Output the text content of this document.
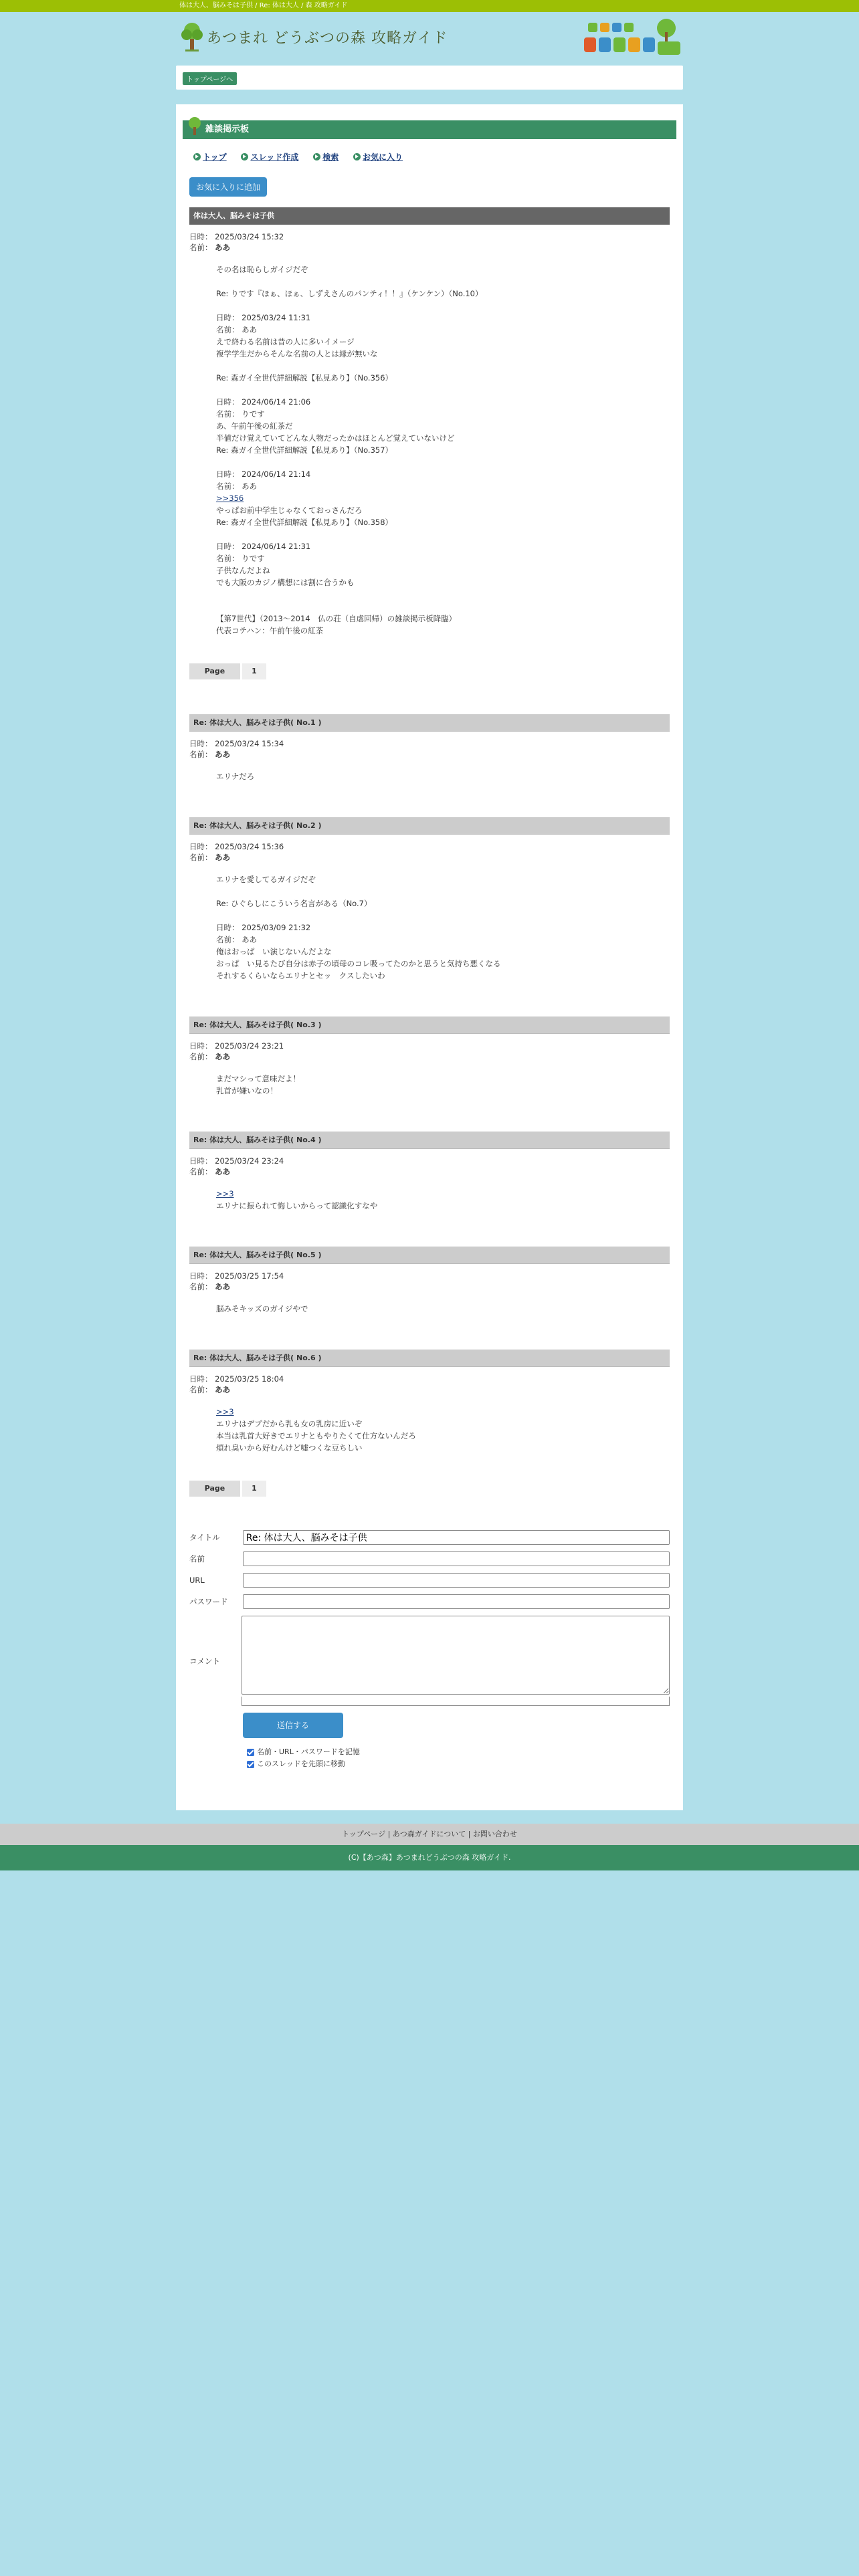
体は大人、脳みそは子供 / Re: 体は大人 / 森 攻略ガイド
あつまれ どうぶつの森 攻略ガイド
トップページへ
雑談掲示板
トップ
	スレッド作成
	検索
	お気に入り
お気に入りに追加
体は大人、脳みそは子供
日時： 2025/03/24 15:32
名前： ああ
その名は恥らしガイジだぞ

Re: りです『ほぁ、ほぁ、しずえさんのパンティ！！』（ケンケン）（No.10）

日時： 2025/03/24 11:31
名前： ああ
えで終わる名前は昔の人に多いイメージ
複学学生だからそんな名前の人とは縁が無いな

Re: 森ガイ全世代詳細解説【私見あり】（No.356）

日時： 2024/06/14 21:06
名前： りです
あ、午前午後の紅茶だ
半値だけ覚えていてどんな人物だったかはほとんど覚えていないけど
Re: 森ガイ全世代詳細解説【私見あり】（No.357）

日時： 2024/06/14 21:14
名前： ああ
>>356
やっぱお前中学生じゃなくておっさんだろ
Re: 森ガイ全世代詳細解説【私見あり】（No.358）

日時： 2024/06/14 21:31
名前： りです
子供なんだよね
でも大阪のカジノ構想には割に合うかも

【第7世代】（2013〜2014　仏の荘（自虐回帰）の雑談掲示板降臨）
代表コテハン：午前午後の紅茶
Page	1
Re: 体は大人、脳みそは子供( No.1 )
日時： 2025/03/24 15:34
名前： ああ
エリナだろ
Re: 体は大人、脳みそは子供( No.2 )
日時： 2025/03/24 15:36
名前： ああ
エリナを愛してるガイジだぞ

Re: ひぐらしにこういう名言がある（No.7）

日時： 2025/03/09 21:32
名前： ああ
俺はおっぱ　い演じないんだよな
おっぱ　い見るたび自分は赤子の頃母のコレ吸ってたのかと思うと気持ち悪くなる
それするくらいならエリナとセッ　クスしたいわ
Re: 体は大人、脳みそは子供( No.3 )
日時： 2025/03/24 23:21
名前： ああ
まだマシって意味だよ！
乳首が嫌いなの！
Re: 体は大人、脳みそは子供( No.4 )
日時： 2025/03/24 23:24
名前： ああ
>>3
エリナに振られて悔しいからって認識化すなや
Re: 体は大人、脳みそは子供( No.5 )
日時： 2025/03/25 17:54
名前： ああ
脳みそキッズのガイジやで
Re: 体は大人、脳みそは子供( No.6 )
日時： 2025/03/25 18:04
名前： ああ
>>3
エリナはデブだから乳も女の乳房に近いぞ
本当は乳首大好きでエリナともやりたくて仕方ないんだろ
煩れ臭いから好むんけど嘘つくな豆ちしい
Page	1
タイトル
Re: 体は大人、脳みそは子供
名前
URL
パスワード
コメント
送信する
名前・URL・パスワードを記憶
このスレッドを先頭に移動
トップページ | あつ森ガイドについて | お問い合わせ
(C)【あつ森】あつまれどうぶつの森 攻略ガイド.
